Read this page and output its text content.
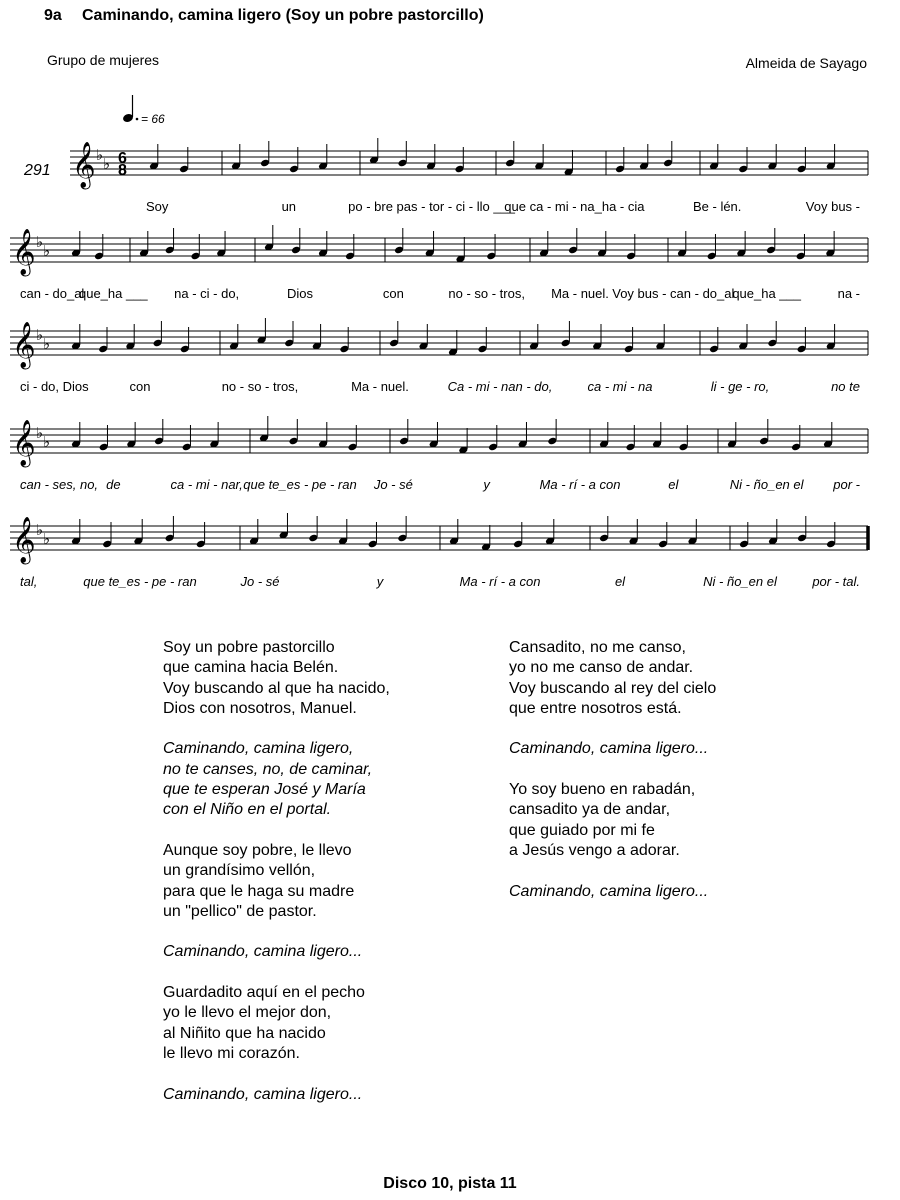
9a Caminando, camina ligero (Soy un pobre pastorcillo)
Grupo de mujeres	Almeida de Sayago
= 66
291 𝄞 ♭
♭ 6
8
Soy	un	po - bre pas - tor - ci - llo ___
que ca - mi - na_ha - cia	Be - lén.	Voy bus -
𝄞 ♭
♭
can - do_al
que_ha ___ na - ci - do,	Dios	con	no - so - tros, Ma - nuel. Voy bus - can - do_al
que_ha ___	na -
𝄞 ♭
♭
ci - do, Dios	con	no - so - tros,	Ma - nuel.	Ca - mi - nan - do,	ca - mi - na	li - ge - ro,	no te
𝄞 ♭
♭
can - ses, no, de	ca - mi - nar, que te_es - pe - ran Jo - sé	y	Ma - rí - a con	el	Ni - ño_en el por -
𝄞 ♭
♭
tal,	que te_es - pe - ran	Jo - sé	y	Ma - rí - a con	el	Ni - ño_en el	por - tal.

Soy un pobre pastorcillo
que camina hacia Belén.
Voy buscando al que ha nacido,
Dios con nosotros, Manuel.

Caminando, camina ligero,
no te canses, no, de caminar,
que te esperan José y María
con el Niño en el portal.

Aunque soy pobre, le llevo
un grandísimo vellón,
para que le haga su madre
un "pellico" de pastor.

Caminando, camina ligero...

Guardadito aquí en el pecho
yo le llevo el mejor don,
al Niñito que ha nacido
le llevo mi corazón.

Caminando, camina ligero...

Cansadito, no me canso,
yo no me canso de andar.
Voy buscando al rey del cielo
que entre nosotros está.

Caminando, camina ligero...

Yo soy bueno en rabadán,
cansadito ya de andar,
que guiado por mi fe
a Jesús vengo a adorar.

Caminando, camina ligero...

Disco 10, pista 11
